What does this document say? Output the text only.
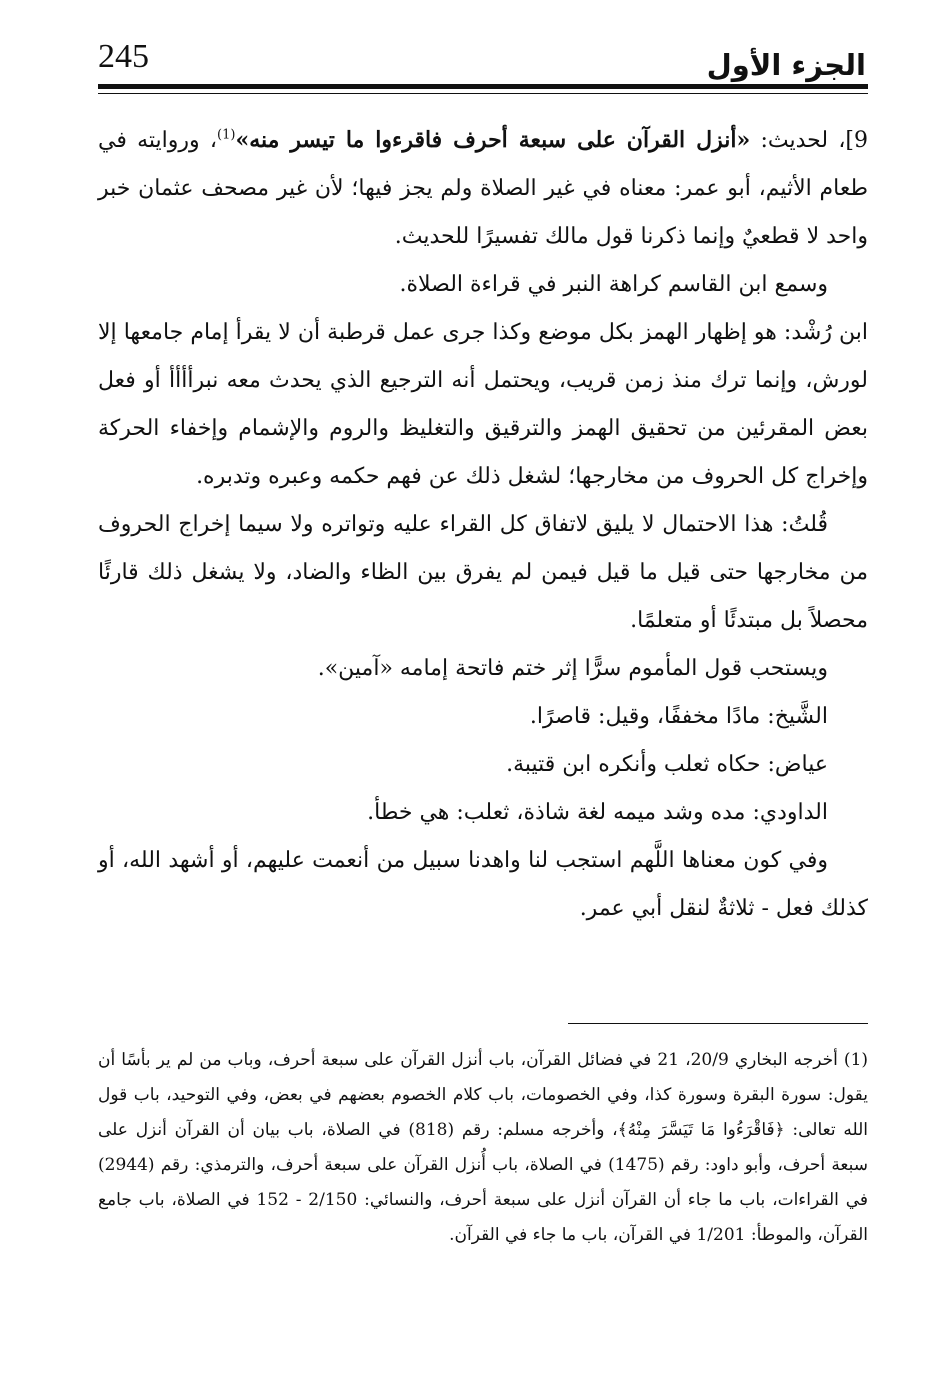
245	الجزء الأول

9]، لحديث: «أنزل القرآن على سبعة أحرف فاقرءوا ما تيسر منه»$^{(1)}$، وروايته في طعام الأثيم، أبو عمر: معناه في غير الصلاة ولم يجز فيها؛ لأن غير مصحف عثمان خبر واحد لا قطعيٌ وإنما ذكرنا قول مالك تفسيرًا للحديث.

وسمع ابن القاسم كراهة النبر في قراءة الصلاة.

ابن رُشْد: هو إظهار الهمز بكل موضع وكذا جرى عمل قرطبة أن لا يقرأ إمام جامعها إلا لورش، وإنما ترك منذ زمن قريب، ويحتمل أنه الترجيع الذي يحدث معه نبرأأأأ أو فعل بعض المقرئين من تحقيق الهمز والترقيق والتغليظ والروم والإشمام وإخفاء الحركة وإخراج كل الحروف من مخارجها؛ لشغل ذلك عن فهم حكمه وعبره وتدبره.

قُلتُ: هذا الاحتمال لا يليق لاتفاق كل القراء عليه وتواتره ولا سيما إخراج الحروف من مخارجها حتى قيل ما قيل فيمن لم يفرق بين الظاء والضاد، ولا يشغل ذلك قارئًا محصلاً بل مبتدئًا أو متعلمًا.

ويستحب قول المأموم سرًّا إثر ختم فاتحة إمامه «آمين».

الشَّيخ: مادًا مخففًا، وقيل: قاصرًا.

عياض: حكاه ثعلب وأنكره ابن قتيبة.

الداودي: مده وشد ميمه لغة شاذة، ثعلب: هي خطأ.

وفي كون معناها اللَّهم استجب لنا واهدنا سبيل من أنعمت عليهم، أو أشهد الله، أو كذلك فعل - ثلاثةٌ لنقل أبي عمر.

(1) أخرجه البخاري 20/9، 21 في فضائل القرآن، باب أنزل القرآن على سبعة أحرف، وباب من لم ير بأسًا أن يقول: سورة البقرة وسورة كذا، وفي الخصومات، باب كلام الخصوم بعضهم في بعض، وفي التوحيد، باب قول الله تعالى: ﴿فَاقْرَءُوا مَا تَيَسَّرَ مِنْهُ﴾، وأخرجه مسلم: رقم (818) في الصلاة، باب بيان أن القرآن أنزل على سبعة أحرف، وأبو داود: رقم (1475) في الصلاة، باب أُنزل القرآن على سبعة أحرف، والترمذي: رقم (2944) في القراءات، باب ما جاء أن القرآن أنزل على سبعة أحرف، والنسائي: 2/150 - 152 في الصلاة، باب جامع القرآن، والموطأ: 1/201 في القرآن، باب ما جاء في القرآن.
